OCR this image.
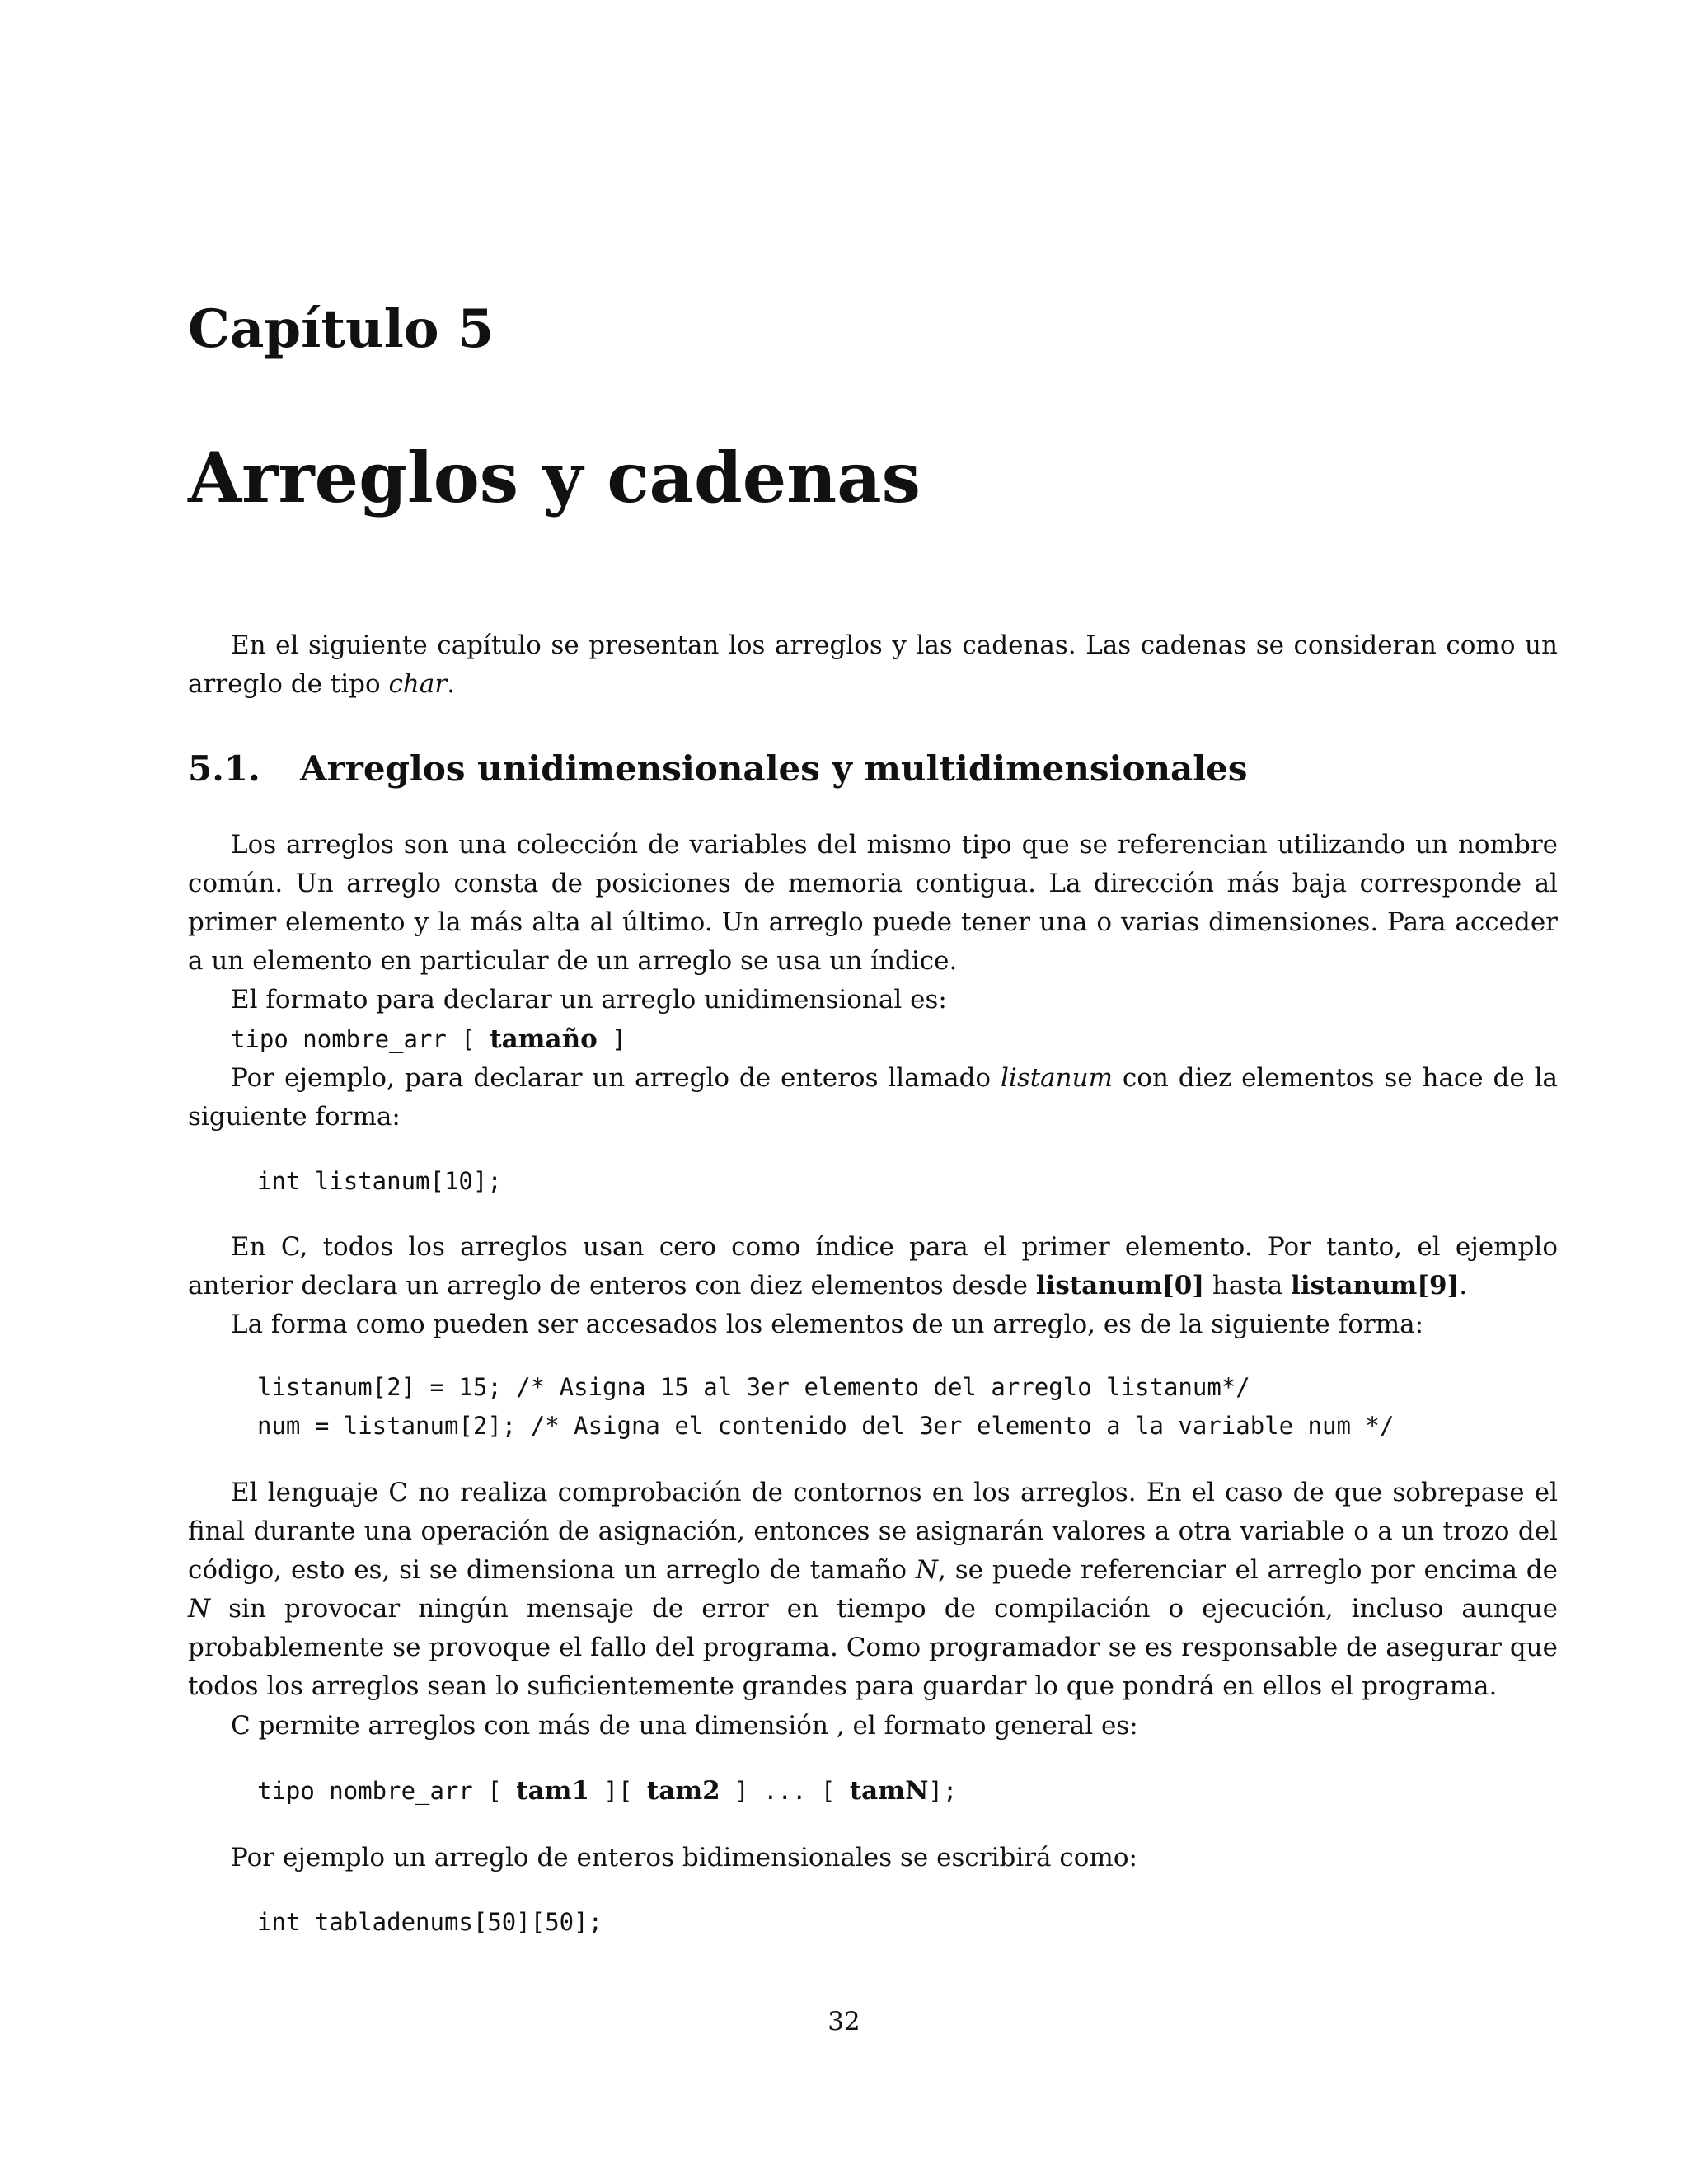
Capítulo 5
Arreglos y cadenas

En el siguiente capítulo se presentan los arreglos y las cadenas. Las cadenas se consideran como un arreglo de tipo char.

5.1. Arreglos unidimensionales y multidimensionales

Los arreglos son una colección de variables del mismo tipo que se referencian utilizando un nombre común. Un arreglo consta de posiciones de memoria contigua. La dirección más baja corresponde al primer elemento y la más alta al último. Un arreglo puede tener una o varias dimensiones. Para acceder a un elemento en particular de un arreglo se usa un índice.

El formato para declarar un arreglo unidimensional es:
tipo nombre_arr [ tamaño ]

Por ejemplo, para declarar un arreglo de enteros llamado listanum con diez elementos se hace de la siguiente forma:

int listanum[10];

En C, todos los arreglos usan cero como índice para el primer elemento. Por tanto, el ejemplo anterior declara un arreglo de enteros con diez elementos desde listanum[0] hasta listanum[9].

La forma como pueden ser accesados los elementos de un arreglo, es de la siguiente forma:
listanum[2] = 15; /* Asigna 15 al 3er elemento del arreglo listanum*/
num = listanum[2]; /* Asigna el contenido del 3er elemento a la variable num */

El lenguaje C no realiza comprobación de contornos en los arreglos. En el caso de que sobrepase el final durante una operación de asignación, entonces se asignarán valores a otra variable o a un trozo del código, esto es, si se dimensiona un arreglo de tamaño N, se puede referenciar el arreglo por encima de N sin provocar ningún mensaje de error en tiempo de compilación o ejecución, incluso aunque probablemente se provoque el fallo del programa. Como programador se es responsable de asegurar que todos los arreglos sean lo suficientemente grandes para guardar lo que pondrá en ellos el programa.

C permite arreglos con más de una dimensión , el formato general es:
tipo nombre_arr [ tam1 ][ tam2 ] ... [ tamN];
Por ejemplo un arreglo de enteros bidimensionales se escribirá como:
int tabladenums[50][50];
32
